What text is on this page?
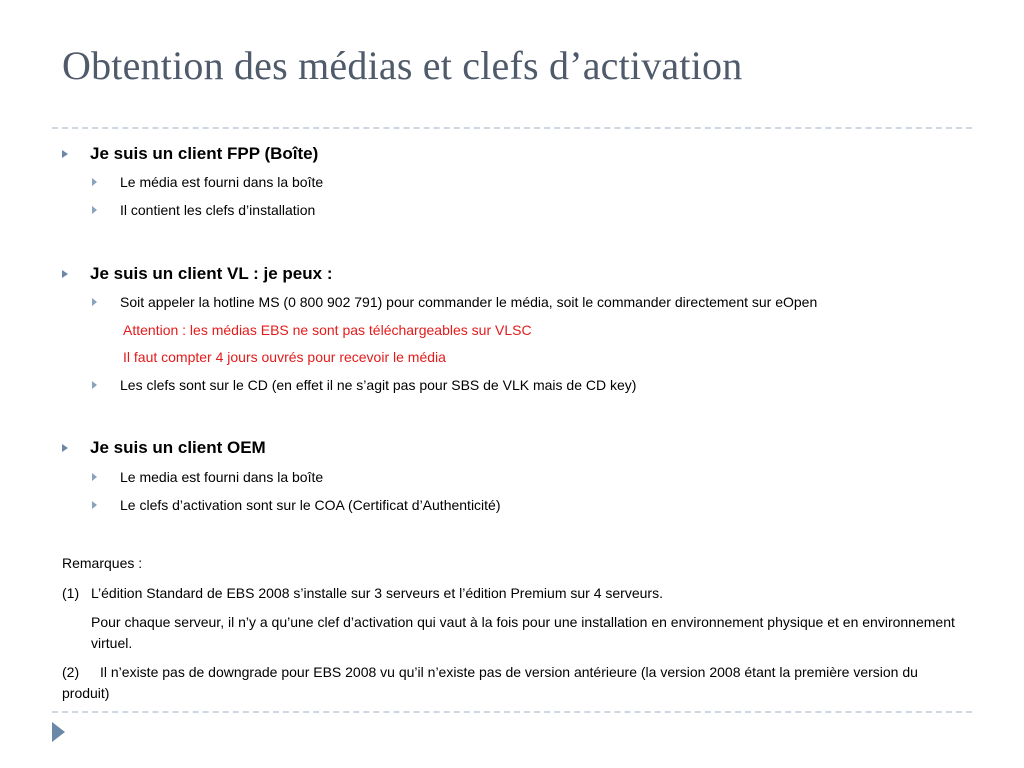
Obtention des médias et clefs d’activation
Je suis un client FPP (Boîte)
Le média est fourni dans la boîte
Il contient les clefs d’installation
Je suis un client VL : je peux :
Soit appeler la hotline MS (0 800 902 791) pour commander le média, soit le commander directement sur eOpen
Attention : les médias EBS ne sont pas téléchargeables sur VLSC
Il faut compter 4 jours ouvrés pour recevoir le média
Les clefs sont sur le CD (en effet il ne s’agit pas pour SBS de VLK mais de CD key)
Je suis un client OEM
Le media est fourni dans la boîte
Le clefs d’activation sont sur le COA (Certificat d’Authenticité)
Remarques :
(1) L’édition Standard de EBS 2008 s’installe sur 3 serveurs et l’édition Premium sur 4 serveurs.
Pour chaque serveur, il n’y a qu’une clef d’activation qui vaut à la fois pour une installation en environnement physique et en environnement virtuel.
(2)	Il n’existe pas de downgrade pour EBS 2008 vu qu’il n’existe pas de version antérieure (la version 2008 étant la première version du produit)
